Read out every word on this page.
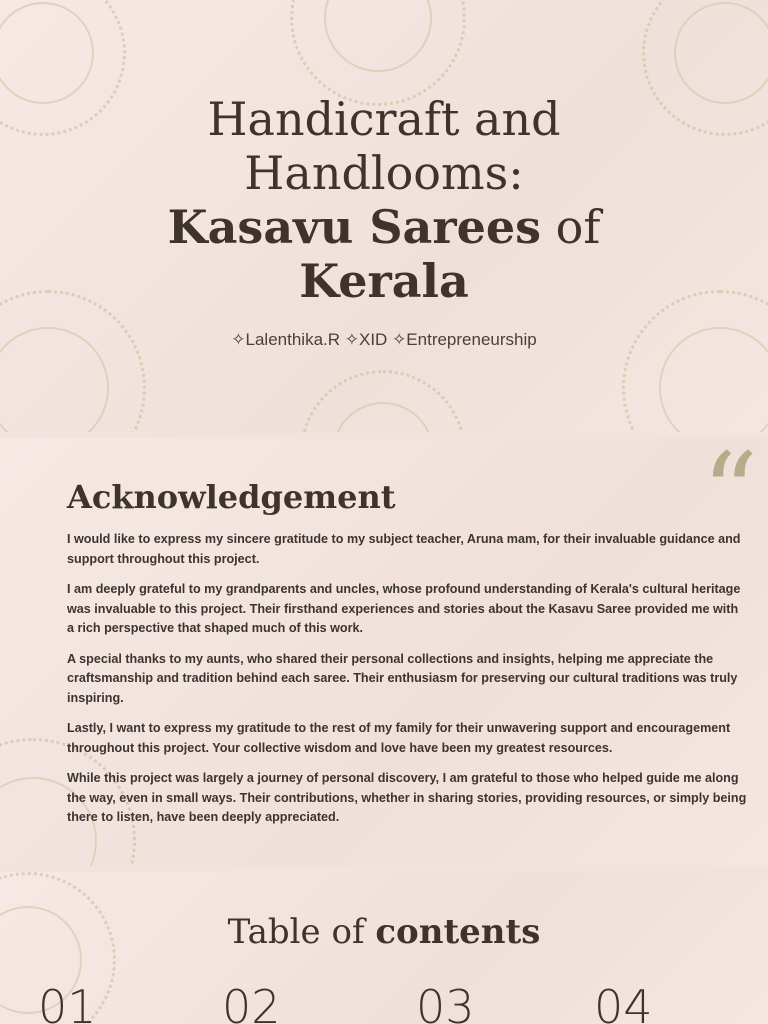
Handicraft and
Handlooms:
Kasavu Sarees of
Kerala
✧Lalenthika.R ✧XID ✧Entrepreneurship
“
Acknowledgement

I would like to express my sincere gratitude to my subject teacher, Aruna mam, for their invaluable guidance and support throughout this project.

I am deeply grateful to my grandparents and uncles, whose profound understanding of Kerala's cultural heritage was invaluable to this project. Their firsthand experiences and stories about the Kasavu Saree provided me with a rich perspective that shaped much of this work.

A special thanks to my aunts, who shared their personal collections and insights, helping me appreciate the craftsmanship and tradition behind each saree. Their enthusiasm for preserving our cultural traditions was truly inspiring.

Lastly, I want to express my gratitude to the rest of my family for their unwavering support and encouragement throughout this project. Your collective wisdom and love have been my greatest resources.

While this project was largely a journey of personal discovery, I am grateful to those who helped guide me along the way, even in small ways. Their contributions, whether in sharing stories, providing resources, or simply being there to listen, have been deeply appreciated.

Table of contents
01	02	03	04
